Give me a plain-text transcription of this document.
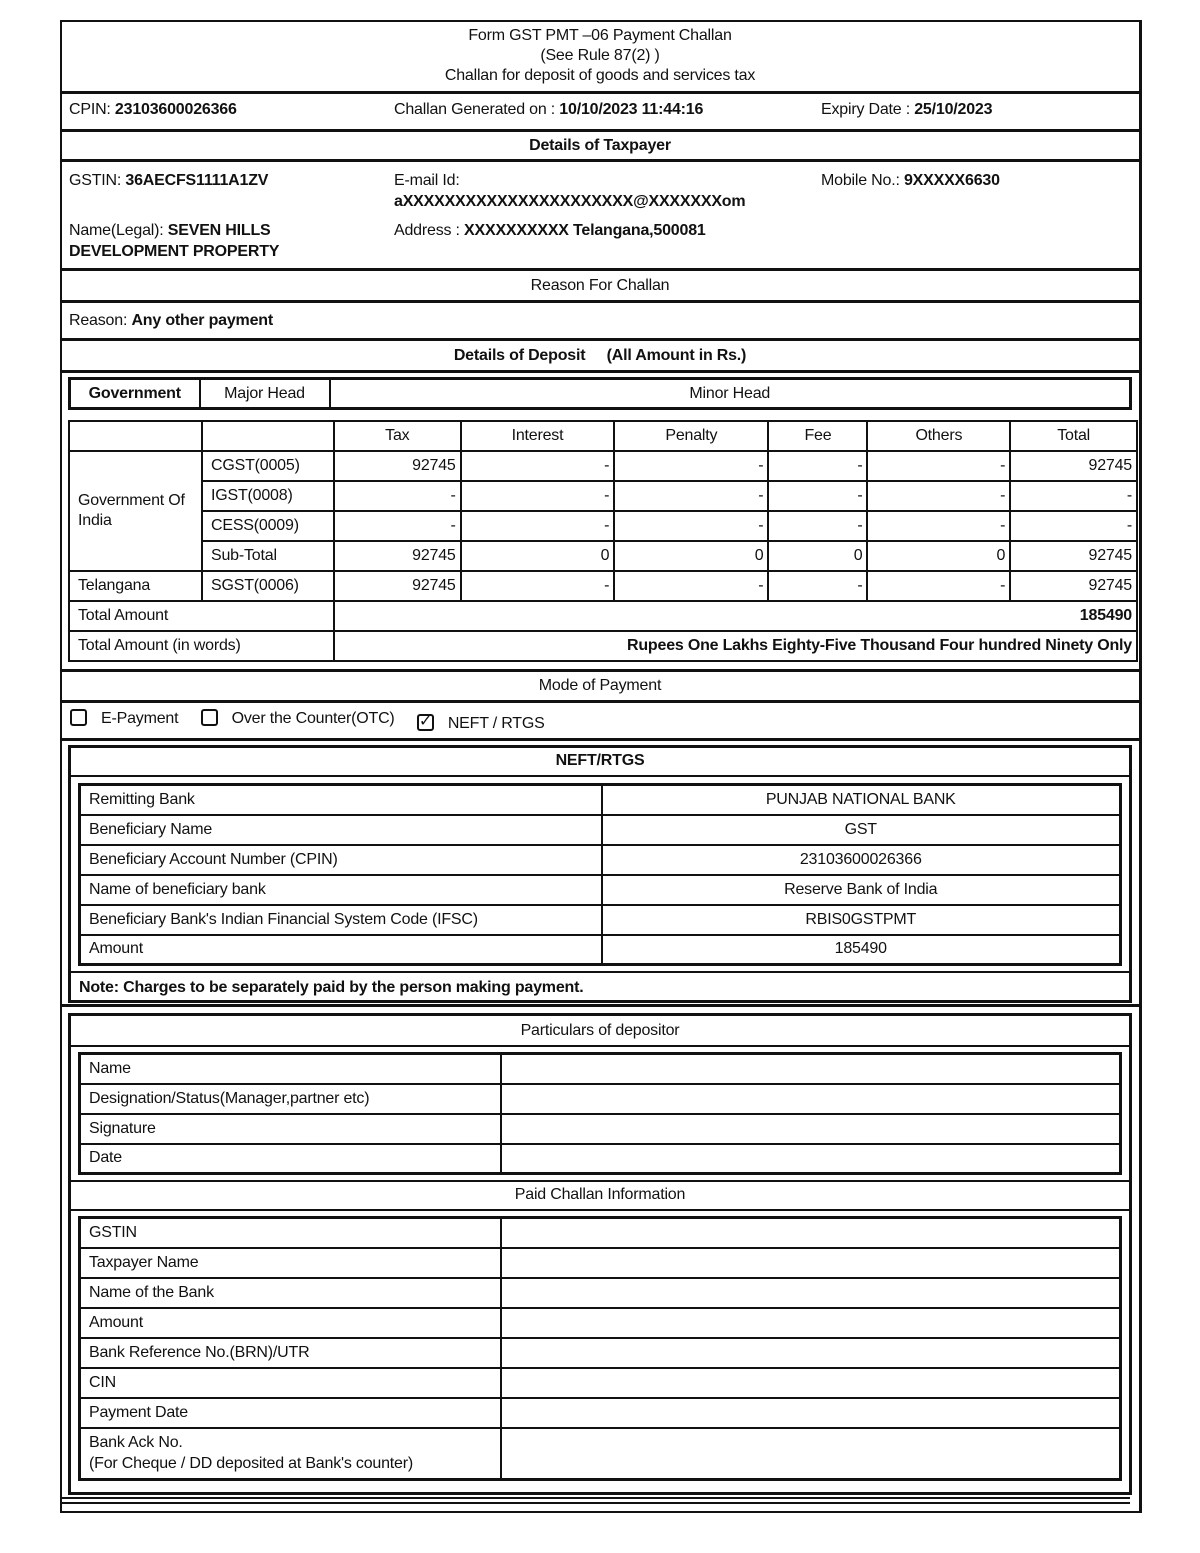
Form GST PMT –06 Payment Challan
(See Rule 87(2) )
Challan for deposit of goods and services tax
CPIN: 23103600026366	Challan Generated on : 10/10/2023 11:44:16	Expiry Date : 25/10/2023
Details of Taxpayer
GSTIN: 36AECFS1111A1ZV	E-mail Id:
aXXXXXXXXXXXXXXXXXXXXXX@XXXXXXXom
Mobile No.: 9XXXXX6630
Name(Legal): SEVEN HILLS DEVELOPMENT PROPERTY
Address : XXXXXXXXXX Telangana,500081
Reason For Challan
Reason: Any other payment
Details of Deposit (All Amount in Rs.)
Government	Major Head	Minor Head
		Tax	Interest	Penalty	Fee	Others	Total
Government Of India	CGST(0005)	92745	-	-	-	-	92745
	IGST(0008)	-	-	-	-	-	-
	CESS(0009)	-	-	-	-	-	-
	Sub-Total	92745	0	0	0	0	92745
Telangana	SGST(0006)	92745	-	-	-	-	92745
Total Amount		185490					
Total Amount (in words)		Rupees One Lakhs Eighty-Five Thousand Four hundred Ninety Only					
Mode of Payment
E-Payment
	Over the Counter(OTC)
✓ NEFT / RTGS
NEFT/RTGS
Remitting Bank	PUNJAB NATIONAL BANK
Beneficiary Name	GST
Beneficiary Account Number (CPIN)	23103600026366
Name of beneficiary bank	Reserve Bank of India
Beneficiary Bank's Indian Financial System Code (IFSC)	RBIS0GSTPMT
Amount	185490
Note: Charges to be separately paid by the person making payment.
Particulars of depositor
Name	
Designation/Status(Manager,partner etc)	
Signature	
Date	
Paid Challan Information
GSTIN	
Taxpayer Name	
Name of the Bank	
Amount	
Bank Reference No.(BRN)/UTR	
CIN	
Payment Date	

Bank Ack No.
(For Cheque / DD deposited at Bank's counter)	
